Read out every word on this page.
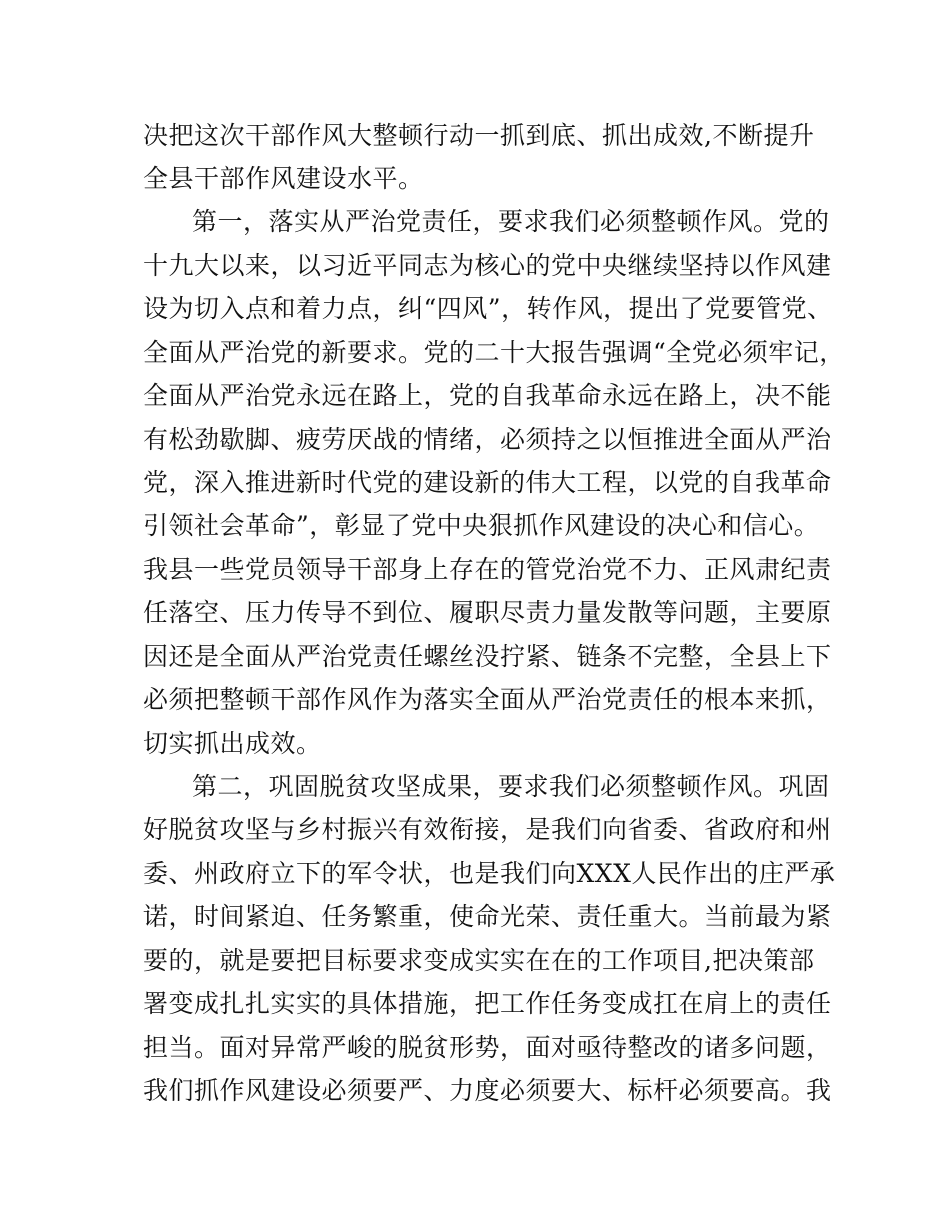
决把这次干部作风大整顿行动一抓到底、抓出成效,不断提升
全县干部作风建设水平。
第一，落实从严治党责任，要求我们必须整顿作风。党的
十九大以来，以习近平同志为核心的党中央继续坚持以作风建
设为切入点和着力点，纠“四风”，转作风，提出了党要管党、
全面从严治党的新要求。党的二十大报告强调“全党必须牢记，
全面从严治党永远在路上，党的自我革命永远在路上，决不能
有松劲歇脚、疲劳厌战的情绪，必须持之以恒推进全面从严治
党，深入推进新时代党的建设新的伟大工程，以党的自我革命
引领社会革命”，彰显了党中央狠抓作风建设的决心和信心。
我县一些党员领导干部身上存在的管党治党不力、正风肃纪责
任落空、压力传导不到位、履职尽责力量发散等问题，主要原
因还是全面从严治党责任螺丝没拧紧、链条不完整，全县上下
必须把整顿干部作风作为落实全面从严治党责任的根本来抓，
切实抓出成效。
第二，巩固脱贫攻坚成果，要求我们必须整顿作风。巩固
好脱贫攻坚与乡村振兴有效衔接，是我们向省委、省政府和州
委、州政府立下的军令状，也是我们向XXX人民作出的庄严承
诺，时间紧迫、任务繁重，使命光荣、责任重大。当前最为紧
要的，就是要把目标要求变成实实在在的工作项目,把决策部
署变成扎扎实实的具体措施，把工作任务变成扛在肩上的责任
担当。面对异常严峻的脱贫形势，面对亟待整改的诸多问题，
我们抓作风建设必须要严、力度必须要大、标杆必须要高。我
